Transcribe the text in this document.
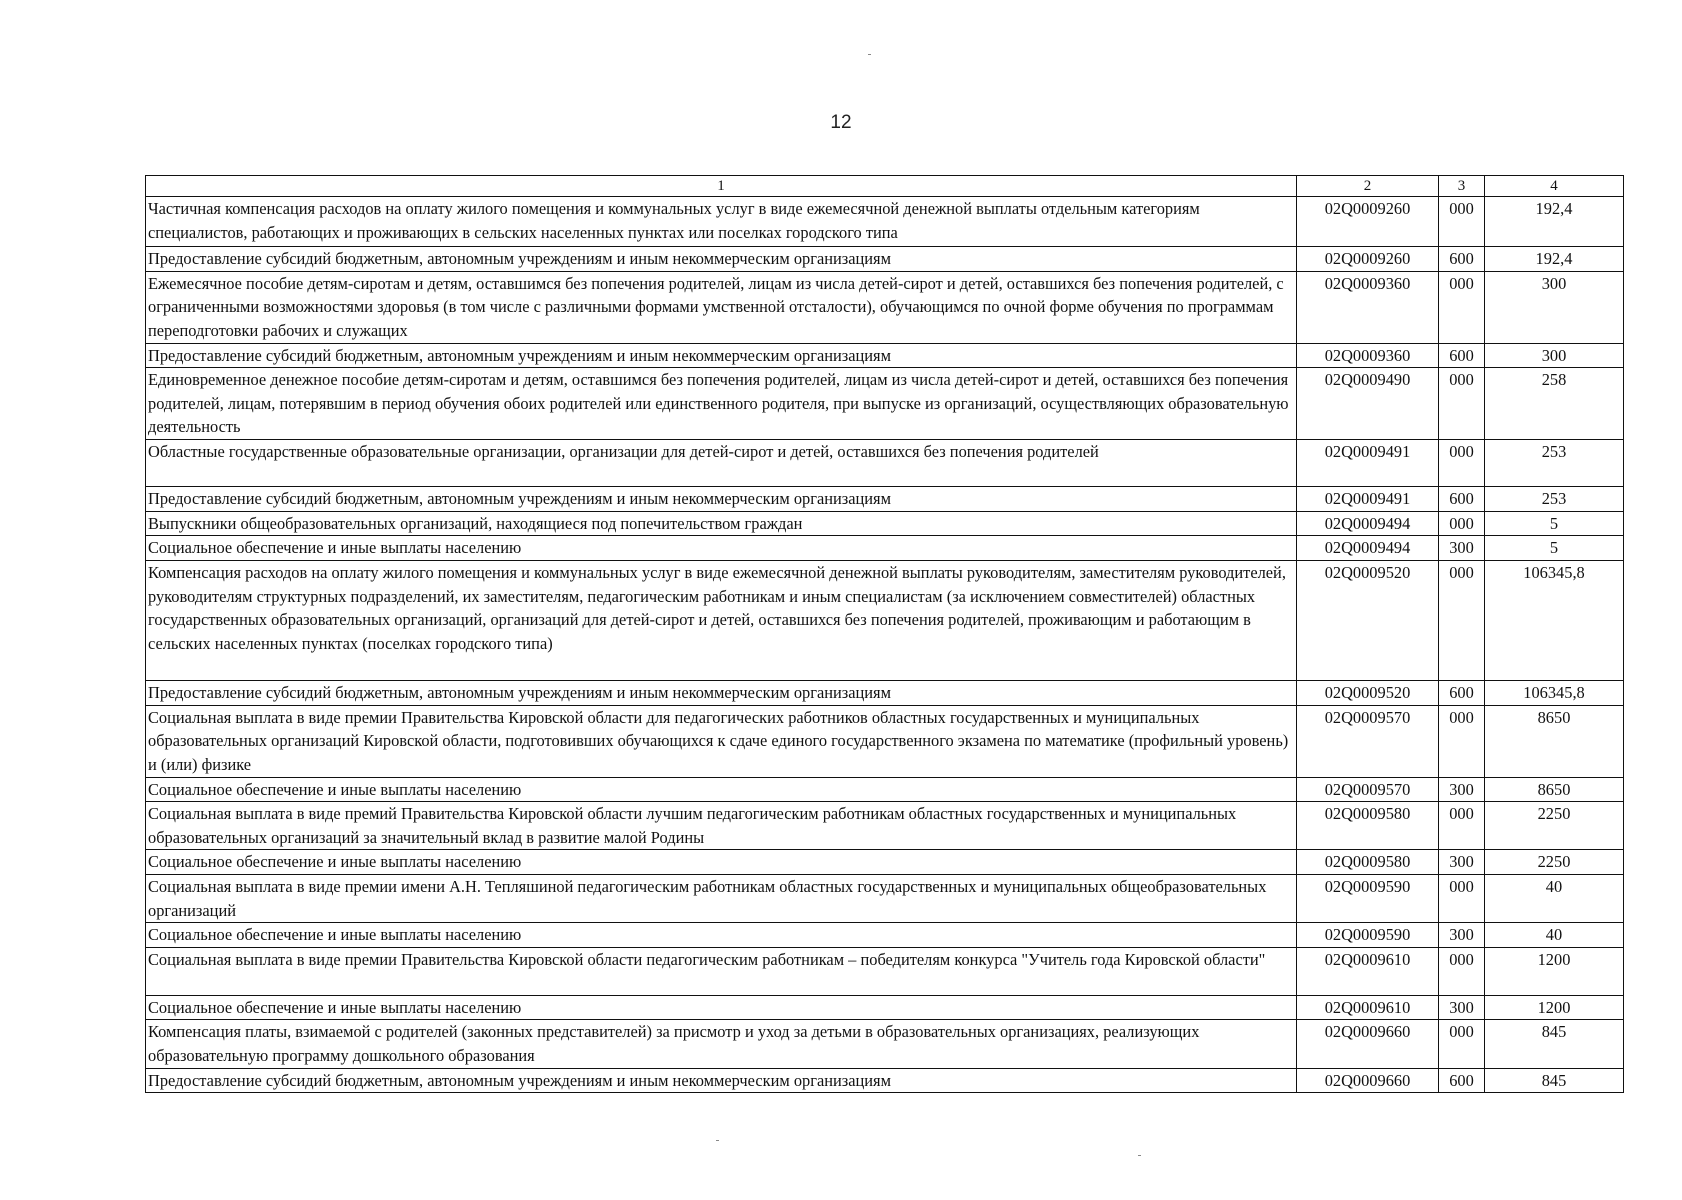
12
1	2	3	4
Частичная компенсация расходов на оплату жилого помещения и коммунальных услуг в виде ежемесячной денежной выплаты отдельным категориям специалистов, работающих и проживающих в сельских населенных пунктах или поселках городского типа	02Q0009260	000	192,4
Предоставление субсидий бюджетным, автономным учреждениям и иным некоммерческим организациям	02Q0009260	600	192,4
Ежемесячное пособие детям-сиротам и детям, оставшимся без попечения родителей, лицам из числа детей-сирот и детей, оставшихся без попечения родителей, с ограниченными возможностями здоровья (в том числе с различными формами умственной отсталости), обучающимся по очной форме обучения по программам переподготовки рабочих и служащих	02Q0009360	000	300
Предоставление субсидий бюджетным, автономным учреждениям и иным некоммерческим организациям	02Q0009360	600	300
Единовременное денежное пособие детям-сиротам и детям, оставшимся без попечения родителей, лицам из числа детей-сирот и детей, оставшихся без попечения родителей, лицам, потерявшим в период обучения обоих родителей или единственного родителя, при выпуске из организаций, осуществляющих образовательную деятельность	02Q0009490	000	258
Областные государственные образовательные организации, организации для детей-сирот и детей, оставшихся без попечения родителей	02Q0009491	000	253
Предоставление субсидий бюджетным, автономным учреждениям и иным некоммерческим организациям	02Q0009491	600	253
Выпускники общеобразовательных организаций, находящиеся под попечительством граждан	02Q0009494	000	5
Социальное обеспечение и иные выплаты населению	02Q0009494	300	5
Компенсация расходов на оплату жилого помещения и коммунальных услуг в виде ежемесячной денежной выплаты руководителям, заместителям руководителей, руководителям структурных подразделений, их заместителям, педагогическим работникам и иным специалистам (за исключением совместителей) областных государственных образовательных организаций, организаций для детей-сирот и детей, оставшихся без попечения родителей, проживающим и работающим в сельских населенных пунктах (поселках городского типа)	02Q0009520	000	106345,8
Предоставление субсидий бюджетным, автономным учреждениям и иным некоммерческим организациям	02Q0009520	600	106345,8
Социальная выплата в виде премии Правительства Кировской области для педагогических работников областных государственных и муниципальных образовательных организаций Кировской области, подготовивших обучающихся к сдаче единого государственного экзамена по математике (профильный уровень) и (или) физике	02Q0009570	000	8650
Социальное обеспечение и иные выплаты населению	02Q0009570	300	8650
Социальная выплата в виде премий Правительства Кировской области лучшим педагогическим работникам областных государственных и муниципальных образовательных организаций за значительный вклад в развитие малой Родины	02Q0009580	000	2250
Социальное обеспечение и иные выплаты населению	02Q0009580	300	2250
Социальная выплата в виде премии имени А.Н. Тепляшиной педагогическим работникам областных государственных и муниципальных общеобразовательных организаций	02Q0009590	000	40
Социальное обеспечение и иные выплаты населению	02Q0009590	300	40
Социальная выплата в виде премии Правительства Кировской области педагогическим работникам – победителям конкурса "Учитель года Кировской области"	02Q0009610	000	1200
Социальное обеспечение и иные выплаты населению	02Q0009610	300	1200
Компенсация платы, взимаемой с родителей (законных представителей) за присмотр и уход за детьми в образовательных организациях, реализующих образовательную программу дошкольного образования	02Q0009660	000	845
Предоставление субсидий бюджетным, автономным учреждениям и иным некоммерческим организациям	02Q0009660	600	845
